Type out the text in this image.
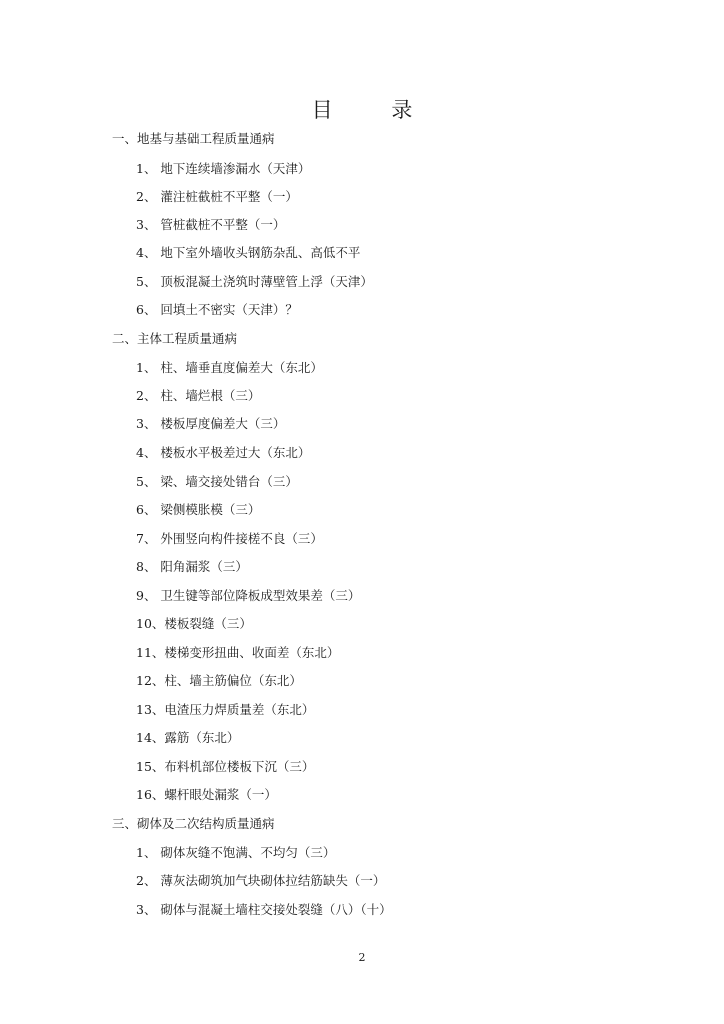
目 录
一、地基与基础工程质量通病
1、 地下连续墙渗漏水（天津）
2、 灌注桩截桩不平整（一）
3、 管桩截桩不平整（一）
4、 地下室外墙收头钢筋杂乱、高低不平
5、 顶板混凝土浇筑时薄壁管上浮（天津）
6、 回填土不密实（天津）？
二、主体工程质量通病
1、 柱、墙垂直度偏差大（东北）
2、 柱、墙烂根（三）
3、 楼板厚度偏差大（三）
4、 楼板水平极差过大（东北）
5、 梁、墙交接处错台（三）
6、 梁侧模胀模（三）
7、 外围竖向构件接槎不良（三）
8、 阳角漏浆（三）
9、 卫生键等部位降板成型效果差（三）
10、楼板裂缝（三）
11、楼梯变形扭曲、收面差（东北）
12、柱、墙主筋偏位（东北）
13、电渣压力焊质量差（东北）
14、露筋（东北）
15、布料机部位楼板下沉（三）
16、螺杆眼处漏浆（一）
三、砌体及二次结构质量通病
1、 砌体灰缝不饱满、不均匀（三）
2、 薄灰法砌筑加气块砌体拉结筋缺失（一）
3、 砌体与混凝土墙柱交接处裂缝（八）（十）
2
